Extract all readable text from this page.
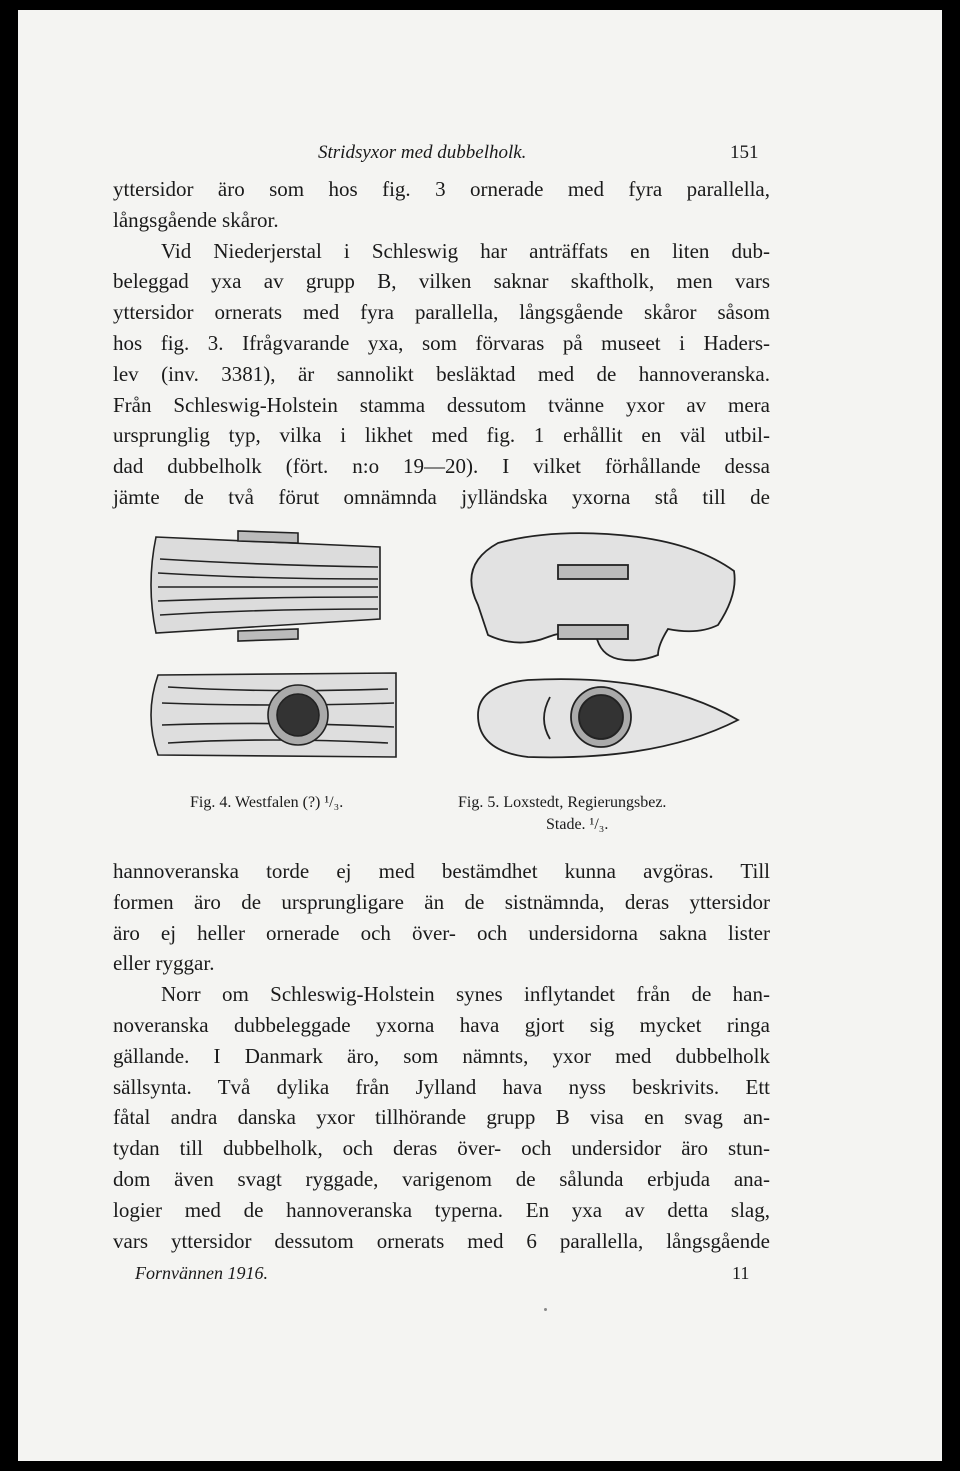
Stridsyxor med dubbelholk.	151
yttersidor äro som hos fig. 3 ornerade med fyra parallella,
långsgående skåror.
Vid Niederjerstal i Schleswig har anträffats en liten dub-
beleggad yxa av grupp B, vilken saknar skaftholk, men vars
yttersidor ornerats med fyra parallella, långsgående skåror såsom
hos fig. 3. Ifrågvarande yxa, som förvaras på museet i Haders-
lev (inv. 3381), är sannolikt besläktad med de hannoveranska.
Från Schleswig-Holstein stamma dessutom tvänne yxor av mera
ursprunglig typ, vilka i likhet med fig. 1 erhållit en väl utbil-
dad dubbelholk (fört. n:o 19—20). I vilket förhållande dessa
jämte de två förut omnämnda jylländska yxorna stå till de
Fig. 4. Westfalen (?) ¹/₃.	Fig. 5. Loxstedt, Regierungsbez.
Stade. ¹/₃.
hannoveranska torde ej med bestämdhet kunna avgöras. Till
formen äro de ursprungligare än de sistnämnda, deras yttersidor
äro ej heller ornerade och över- och undersidorna sakna lister
eller ryggar.
Norr om Schleswig-Holstein synes inflytandet från de han-
noveranska dubbeleggade yxorna hava gjort sig mycket ringa
gällande. I Danmark äro, som nämnts, yxor med dubbelholk
sällsynta. Två dylika från Jylland hava nyss beskrivits. Ett
fåtal andra danska yxor tillhörande grupp B visa en svag an-
tydan till dubbelholk, och deras över- och undersidor äro stun-
dom även svagt ryggade, varigenom de sålunda erbjuda ana-
logier med de hannoveranska typerna. En yxa av detta slag,
vars yttersidor dessutom ornerats med 6 parallella, långsgående
Fornvännen 1916.	11
